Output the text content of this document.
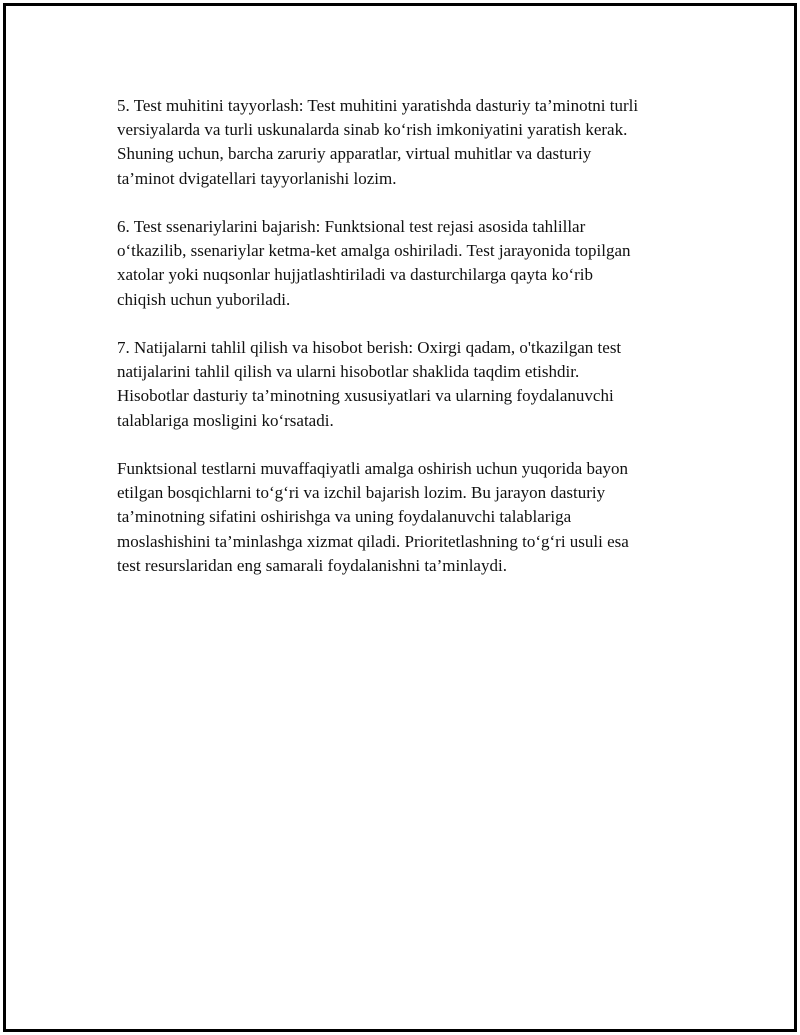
5. Test muhitini tayyorlash: Test muhitini yaratishda dasturiy ta’minotni turli
versiyalarda va turli uskunalarda sinab ko‘rish imkoniyatini yaratish kerak.
Shuning uchun, barcha zaruriy apparatlar, virtual muhitlar va dasturiy
ta’minot dvigatellari tayyorlanishi lozim.

6. Test ssenariylarini bajarish: Funktsional test rejasi asosida tahlillar
o‘tkazilib, ssenariylar ketma-ket amalga oshiriladi. Test jarayonida topilgan
xatolar yoki nuqsonlar hujjatlashtiriladi va dasturchilarga qayta ko‘rib
chiqish uchun yuboriladi.

7. Natijalarni tahlil qilish va hisobot berish: Oxirgi qadam, o'tkazilgan test
natijalarini tahlil qilish va ularni hisobotlar shaklida taqdim etishdir.
Hisobotlar dasturiy ta’minotning xususiyatlari va ularning foydalanuvchi
talablariga mosligini ko‘rsatadi.

Funktsional testlarni muvaffaqiyatli amalga oshirish uchun yuqorida bayon
etilgan bosqichlarni to‘g‘ri va izchil bajarish lozim. Bu jarayon dasturiy
ta’minotning sifatini oshirishga va uning foydalanuvchi talablariga
moslashishini ta’minlashga xizmat qiladi. Prioritetlashning to‘g‘ri usuli esa
test resurslaridan eng samarali foydalanishni ta’minlaydi.
